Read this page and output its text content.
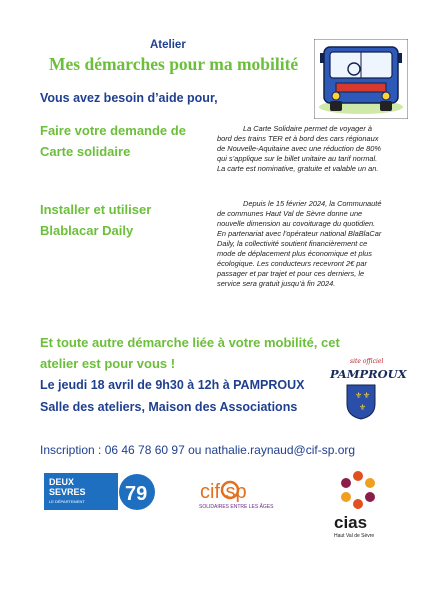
Atelier
Mes démarches pour ma mobilité
Vous avez besoin d’aide pour,
Faire votre demande de
Carte solidaire
La Carte Solidaire permet de voyager à bord des trains TER et à bord des cars régionaux de Nouvelle-Aquitaine avec une réduction de 80% qui s’applique sur le billet unitaire au tarif normal. La carte est nominative, gratuite et valable un an.
Installer et utiliser
Blablacar Daily
Depuis le 15 février 2024, la Communauté de communes Haut Val de Sèvre donne une nouvelle dimension au covoiturage du quotidien. En partenariat avec l’opérateur national BlaBlaCar Daily, la collectivité soutient financièrement ce mode de déplacement plus économique et plus écologique. Les conducteurs recevront 2€ par passager et par trajet et pour ces derniers, le service sera gratuit jusqu’à fin 2024.
Et toute autre démarche liée à votre mobilité, cet
atelier est pour vous !
Le jeudi 18 avril de 9h30 à 12h à PAMPROUX
Salle des ateliers, Maison des Associations
site officiel
PAMPROUX
⚜ ⚜
⚜
Inscription : 06 46 78 60 97 ou nathalie.raynaud@cif-sp.org
DEUX
SEVRES
LE DÉPARTEMENT 79	cif sp
SOLIDAIRES ENTRE LES ÂGES
cias
Haut Val de Sèvre
